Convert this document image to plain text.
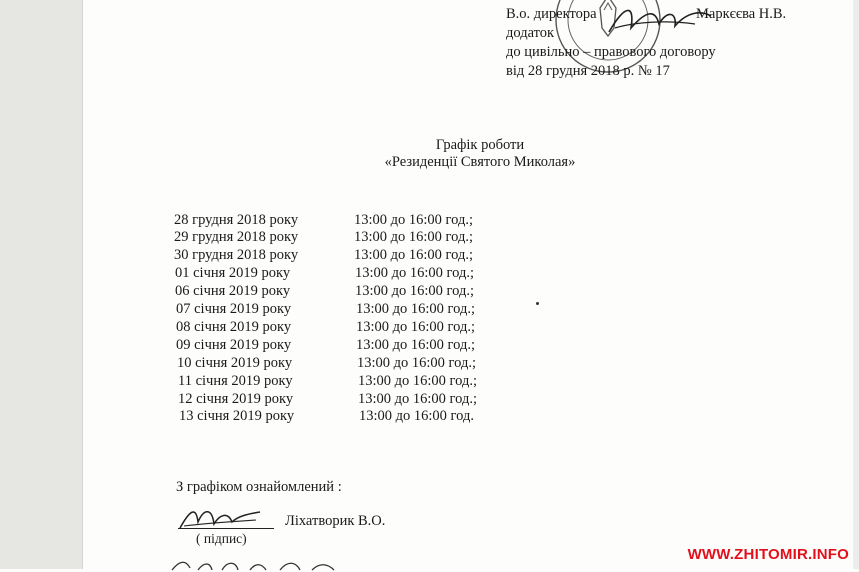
В.о. директора	Маркєєва Н.В.
додаток
до цивільно – правового договору
від 28 грудня 2018 р. № 17
Графік роботи
«Резиденції Святого Миколая»
28 грудня 2018 року	13:00 до 16:00 год.;
29 грудня 2018 року	13:00 до 16:00 год.;
30 грудня 2018 року	13:00 до 16:00 год.;
01 січня 2019 року	13:00 до 16:00 год.;
06 січня 2019 року	13:00 до 16:00 год.;
07 січня 2019 року	13:00 до 16:00 год.;
08 січня 2019 року	13:00 до 16:00 год.;
09 січня 2019 року	13:00 до 16:00 год.;
10 січня 2019 року	13:00 до 16:00 год.;
11 січня 2019 року	13:00 до 16:00 год.;
12 січня 2019 року	13:00 до 16:00 год.;
13 січня 2019 року	13:00 до 16:00 год.
З графіком ознайомлений :
Ліхатворик В.О.
( підпис)
WWW.ZHITOMIR.INFO
